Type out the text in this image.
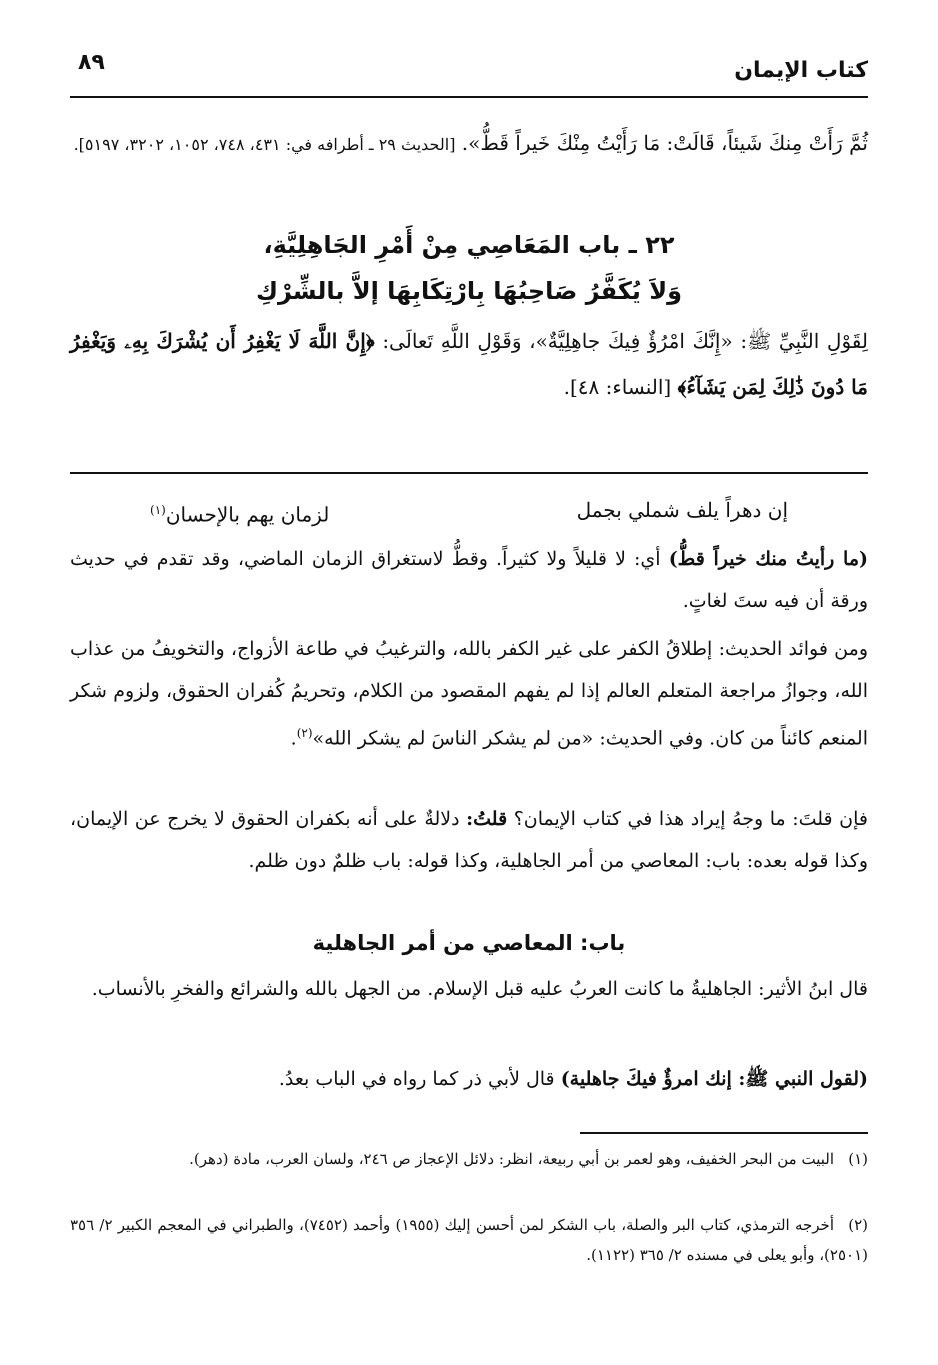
كتاب الإيمان
٨٩
ثُمَّ رَأَتْ مِنكَ شَيئاً، قَالَتْ: مَا رَأَيْتُ مِنْكَ خَيراً قَطُّ». [الحديث ٢٩ ـ أطرافه في: ٤٣١، ٧٤٨، ١٠٥٢، ٣٢٠٢، ٥١٩٧].
٢٢ ـ باب المَعَاصِي مِنْ أَمْرِ الجَاهِلِيَّةِ،
وَلاَ يُكَفَّرُ صَاحِبُهَا بِارْتِكَابِهَا إلاَّ بالشِّرْكِ
لِقَوْلِ النَّبِيِّ ﷺ: «إِنَّكَ امْرُؤٌ فِيكَ جاهِلِيَّةٌ»، وَقَوْلِ اللَّهِ تَعالَى: ﴿إِنَّ اللَّهَ لَا يَغْفِرُ أَن يُشْرَكَ بِهِۦ وَيَغْفِرُ مَا دُونَ ذَٰلِكَ لِمَن يَشَآءُ﴾ [النساء: ٤٨].
إن دهراً يلف شملي بجمل
لزمان يهم بالإحسان$^{(١)}$
(ما رأيتُ منك خيراً قطُّ) أي: لا قليلاً ولا كثيراً. وقطُّ لاستغراق الزمان الماضي، وقد تقدم في حديث ورقة أن فيه ستَ لغاتٍ.
ومن فوائد الحديث: إطلاقُ الكفر على غير الكفر بالله، والترغيبُ في طاعة الأزواج، والتخويفُ من عذاب الله، وجوازُ مراجعة المتعلم العالم إذا لم يفهم المقصود من الكلام، وتحريمُ كُفران الحقوق، ولزوم شكر المنعم كائناً من كان. وفي الحديث: «من لم يشكر الناسَ لم يشكر الله»$^{(٢)}$.
فإن قلتَ: ما وجهُ إيراد هذا في كتاب الإيمان؟ قلتُ: دلالةٌ على أنه بكفران الحقوق لا يخرج عن الإيمان، وكذا قوله بعده: باب: المعاصي من أمر الجاهلية، وكذا قوله: باب ظلمٌ دون ظلم.
باب: المعاصي من أمر الجاهلية
قال ابنُ الأثير: الجاهليةُ ما كانت العربُ عليه قبل الإسلام. من الجهل بالله والشرائع والفخرِ بالأنساب.
(لقول النبي ﷺ: إنك امرؤٌ فيكَ جاهلية) قال لأبي ذر كما رواه في الباب بعدُ.
(١)البيت من البحر الخفيف، وهو لعمر بن أبي ربيعة، انظر: دلائل الإعجاز ص ٢٤٦، ولسان العرب، مادة (دهر).
(٢)أخرجه الترمذي، كتاب البر والصلة، باب الشكر لمن أحسن إليك (١٩٥٥) وأحمد (٧٤٥٢)، والطبراني في المعجم الكبير ٢/ ٣٥٦ (٢٥٠١)، وأبو يعلى في مسنده ٢/ ٣٦٥ (١١٢٢).
